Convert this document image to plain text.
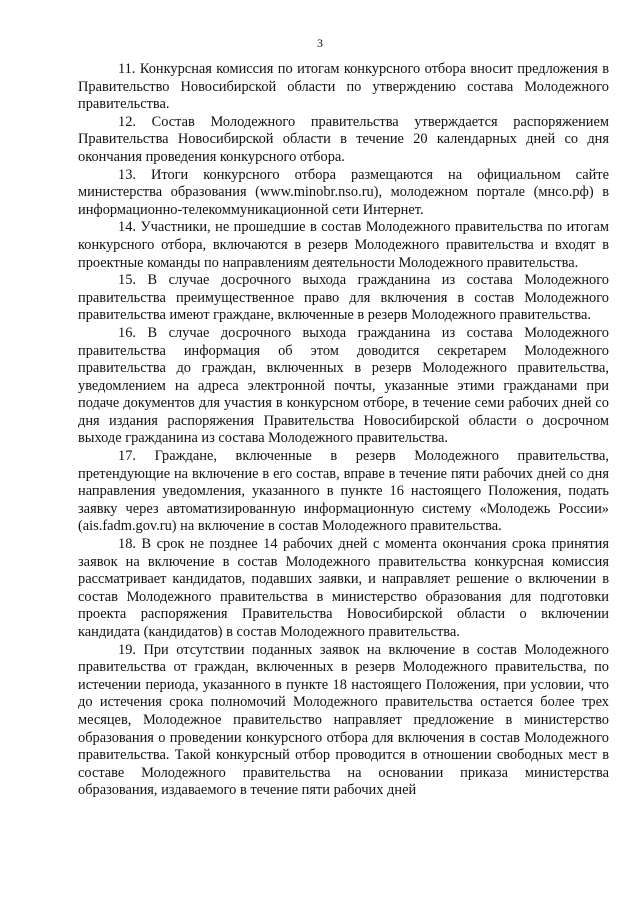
3

11. Конкурсная комиссия по итогам конкурсного отбора вносит предложения в Правительство Новосибирской области по утверждению состава Молодежного правительства.

12. Состав Молодежного правительства утверждается распоряжением Правительства Новосибирской области в течение 20 календарных дней со дня окончания проведения конкурсного отбора.

13. Итоги конкурсного отбора размещаются на официальном сайте министерства образования (www.minobr.nso.ru), молодежном портале (мнсо.рф) в информационно-телекоммуникационной сети Интернет.

14. Участники, не прошедшие в состав Молодежного правительства по итогам конкурсного отбора, включаются в резерв Молодежного правительства и входят в проектные команды по направлениям деятельности Молодежного правительства.

15. В случае досрочного выхода гражданина из состава Молодежного правительства преимущественное право для включения в состав Молодежного правительства имеют граждане, включенные в резерв Молодежного правительства.

16. В случае досрочного выхода гражданина из состава Молодежного правительства информация об этом доводится секретарем Молодежного правительства до граждан, включенных в резерв Молодежного правительства, уведомлением на адреса электронной почты, указанные этими гражданами при подаче документов для участия в конкурсном отборе, в течение семи рабочих дней со дня издания распоряжения Правительства Новосибирской области о досрочном выходе гражданина из состава Молодежного правительства.

17. Граждане, включенные в резерв Молодежного правительства, претендующие на включение в его состав, вправе в течение пяти рабочих дней со дня направления уведомления, указанного в пункте 16 настоящего Положения, подать заявку через автоматизированную информационную систему «Молодежь России» (ais.fadm.gov.ru) на включение в состав Молодежного правительства.

18. В срок не позднее 14 рабочих дней с момента окончания срока принятия заявок на включение в состав Молодежного правительства конкурсная комиссия рассматривает кандидатов, подавших заявки, и направляет решение о включении в состав Молодежного правительства в министерство образования для подготовки проекта распоряжения Правительства Новосибирской области о включении кандидата (кандидатов) в состав Молодежного правительства.

19. При отсутствии поданных заявок на включение в состав Молодежного правительства от граждан, включенных в резерв Молодежного правительства, по истечении периода, указанного в пункте 18 настоящего Положения, при условии, что до истечения срока полномочий Молодежного правительства остается более трех месяцев, Молодежное правительство направляет предложение в министерство образования о проведении конкурсного отбора для включения в состав Молодежного правительства. Такой конкурсный отбор проводится в отношении свободных мест в составе Молодежного правительства на основании приказа министерства образования, издаваемого в течение пяти рабочих дней
